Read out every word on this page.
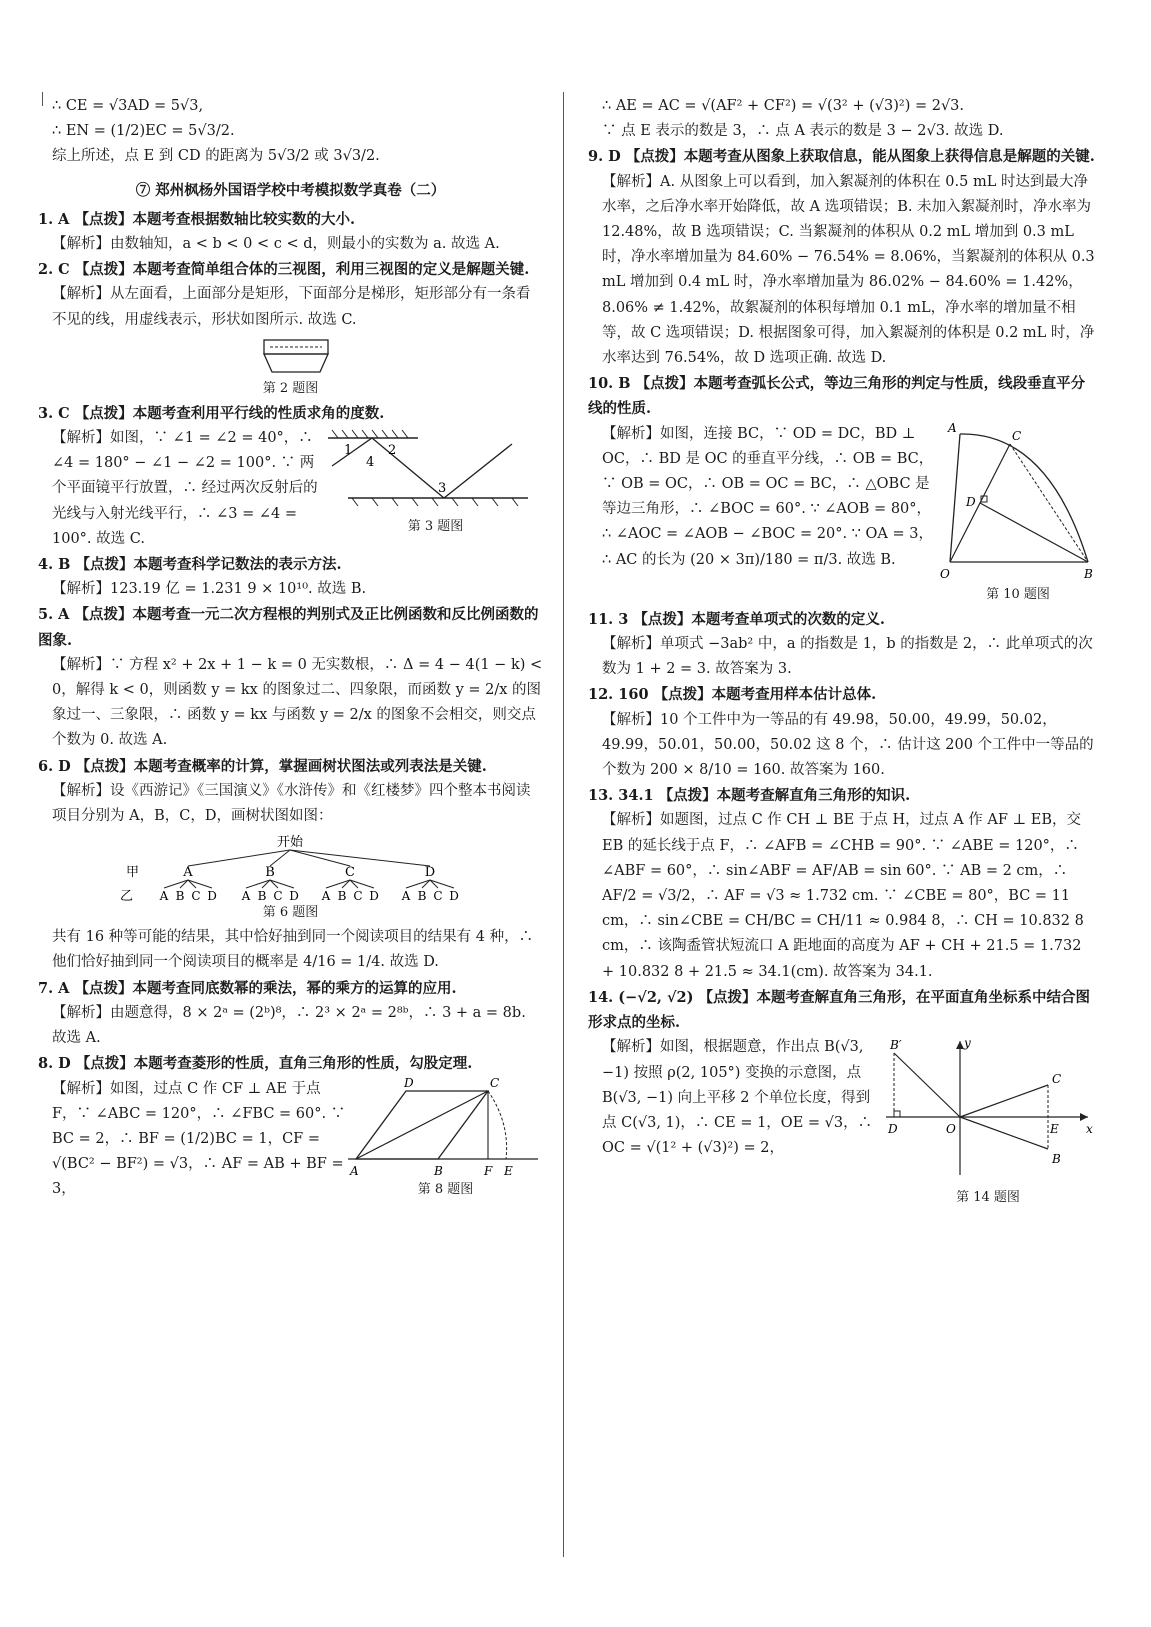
∴ CE = √3AD = 5√3,

∴ EN = (1/2)EC = 5√3/2.

综上所述，点 E 到 CD 的距离为 5√3/2 或 3√3/2.

⑦ 郑州枫杨外国语学校中考模拟数学真卷（二）

1. A 【点拨】本题考查根据数轴比较实数的大小.

【解析】由数轴知，a < b < 0 < c < d，则最小的实数为 a. 故选 A.

2. C 【点拨】本题考查简单组合体的三视图，利用三视图的定义是解题关键.

【解析】从左面看，上面部分是矩形，下面部分是梯形，矩形部分有一条看不见的线，用虚线表示，形状如图所示. 故选 C.

第 2 题图

3. C 【点拨】本题考查利用平行线的性质求角的度数.

1	2
4
3
第 3 题图

【解析】如图，∵ ∠1 = ∠2 = 40°，∴ ∠4 = 180° − ∠1 − ∠2 = 100°. ∵ 两个平面镜平行放置，∴ 经过两次反射后的光线与入射光线平行，∴ ∠3 = ∠4 = 100°. 故选 C.

4. B 【点拨】本题考查科学记数法的表示方法.

【解析】123.19 亿 = 1.231 9 × 10¹⁰. 故选 B.

5. A 【点拨】本题考查一元二次方程根的判别式及正比例函数和反比例函数的图象.

【解析】∵ 方程 x² + 2x + 1 − k = 0 无实数根，∴ Δ = 4 − 4(1 − k) < 0，解得 k < 0，则函数 y = kx 的图象过二、四象限，而函数 y = 2/x 的图象过一、三象限，∴ 函数 y = kx 与函数 y = 2/x 的图象不会相交，则交点个数为 0. 故选 A.

6. D 【点拨】本题考查概率的计算，掌握画树状图法或列表法是关键.

【解析】设《西游记》《三国演义》《水浒传》和《红楼梦》四个整本书阅读项目分别为 A，B，C，D，画树状图如图：

开始
甲	A	B	C	D
A B C D A B C D A B C D A B C D
乙
第 6 题图

共有 16 种等可能的结果，其中恰好抽到同一个阅读项目的结果有 4 种，∴ 他们恰好抽到同一个阅读项目的概率是 4/16 = 1/4. 故选 D.

7. A 【点拨】本题考查同底数幂的乘法，幂的乘方的运算的应用.

【解析】由题意得，8 × 2ᵃ = (2ᵇ)⁸，∴ 2³ × 2ᵃ = 2⁸ᵇ，∴ 3 + a = 8b. 故选 A.

8. D 【点拨】本题考查菱形的性质，直角三角形的性质，勾股定理.

D	C
A	B	F E
第 8 题图

【解析】如图，过点 C 作 CF ⊥ AE 于点 F，∵ ∠ABC = 120°，∴ ∠FBC = 60°. ∵ BC = 2，∴ BF = (1/2)BC = 1，CF = √(BC² − BF²) = √3，∴ AF = AB + BF = 3，

∴ AE = AC = √(AF² + CF²) = √(3² + (√3)²) = 2√3.

∵ 点 E 表示的数是 3，∴ 点 A 表示的数是 3 − 2√3. 故选 D.

9. D 【点拨】本题考查从图象上获取信息，能从图象上获得信息是解题的关键.

【解析】A. 从图象上可以看到，加入絮凝剂的体积在 0.5 mL 时达到最大净水率，之后净水率开始降低，故 A 选项错误；B. 未加入絮凝剂时，净水率为 12.48%，故 B 选项错误；C. 当絮凝剂的体积从 0.2 mL 增加到 0.3 mL 时，净水率增加量为 84.60% − 76.54% = 8.06%，当絮凝剂的体积从 0.3 mL 增加到 0.4 mL 时，净水率增加量为 86.02% − 84.60% = 1.42%，8.06% ≠ 1.42%，故絮凝剂的体积每增加 0.1 mL，净水率的增加量不相等，故 C 选项错误；D. 根据图象可得，加入絮凝剂的体积是 0.2 mL 时，净水率达到 76.54%，故 D 选项正确. 故选 D.

10. B 【点拨】本题考查弧长公式，等边三角形的判定与性质，线段垂直平分线的性质.

A
C
D
O	B
第 10 题图

【解析】如图，连接 BC，∵ OD = DC，BD ⊥ OC，∴ BD 是 OC 的垂直平分线，∴ OB = BC，∵ OB = OC，∴ OB = OC = BC，∴ △OBC 是等边三角形，∴ ∠BOC = 60°. ∵ ∠AOB = 80°，∴ ∠AOC = ∠AOB − ∠BOC = 20°. ∵ OA = 3，∴ AC 的长为 (20 × 3π)/180 = π/3. 故选 B.

11. 3 【点拨】本题考查单项式的次数的定义.

【解析】单项式 −3ab² 中，a 的指数是 1，b 的指数是 2，∴ 此单项式的次数为 1 + 2 = 3. 故答案为 3.

12. 160 【点拨】本题考查用样本估计总体.

【解析】10 个工件中为一等品的有 49.98，50.00，49.99，50.02，49.99，50.01，50.00，50.02 这 8 个，∴ 估计这 200 个工件中一等品的个数为 200 × 8/10 = 160. 故答案为 160.

13. 34.1 【点拨】本题考查解直角三角形的知识.

【解析】如题图，过点 C 作 CH ⊥ BE 于点 H，过点 A 作 AF ⊥ EB，交 EB 的延长线于点 F，∴ ∠AFB = ∠CHB = 90°. ∵ ∠ABE = 120°，∴ ∠ABF = 60°，∴ sin∠ABF = AF/AB = sin 60°. ∵ AB = 2 cm，∴ AF/2 = √3/2，∴ AF = √3 ≈ 1.732 cm. ∵ ∠CBE = 80°，BC = 11 cm，∴ sin∠CBE = CH/BC = CH/11 ≈ 0.984 8，∴ CH = 10.832 8 cm，∴ 该陶盉管状短流口 A 距地面的高度为 AF + CH + 21.5 = 1.732 + 10.832 8 + 21.5 ≈ 34.1(cm). 故答案为 34.1.

14. (−√2, √2) 【点拨】本题考查解直角三角形，在平面直角坐标系中结合图形求点的坐标.

y
B′
C
D	O	E x
B
第 14 题图

【解析】如图，根据题意，作出点 B(√3, −1) 按照 ρ(2, 105°) 变换的示意图，点 B(√3, −1) 向上平移 2 个单位长度，得到点 C(√3, 1)，∴ CE = 1，OE = √3，∴ OC = √(1² + (√3)²) = 2，
